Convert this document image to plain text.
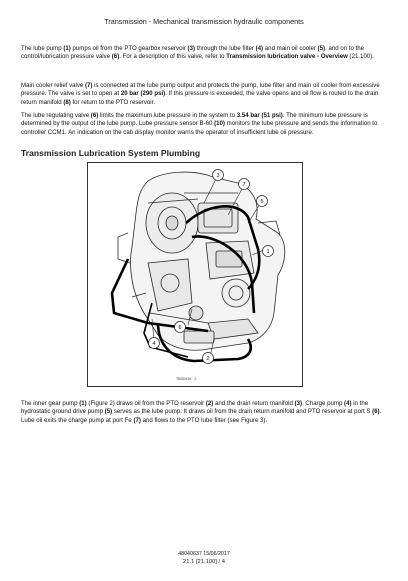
Transmission - Mechanical transmission hydraulic components

The lube pump (1) pumps oil from the PTO gearbox reservoir (3) through the lube filter (4) and main oil cooler (5), and on to the control/lubrication pressure valve (6). For a description of this valve, refer to Transmission lubrication valve - Overview (21.100).

Main cooler relief valve (7) is connected at the lube pump output and protects the pump, lube filter and main oil cooler from excessive pressure. The valve is set to open at 20 bar (290 psi). If this pressure is exceeded, the valve opens and oil flow is routed to the drain return manifold (8) for return to the PTO reservoir.

The lube regulating valve (6) limits the maximum lube pressure in the system to 3.54 bar (51 psi). The minimum lube pressure is determined by the output of the lube pump. Lube pressure sensor B-60 (10) monitors the lube pressure and sends the information to controller CCM1. An indication on the cab display monitor warns the operator of insufficient lube oil pressure.

Transmission Lubrication System Plumbing
3
7
5
1
6
4
2
TBG0418 2

The inner gear pump (1) (Figure 2) draws oil from the PTO reservoir (2) and the drain return manifold (3). Charge pump (4) in the hydrostatic ground drive pump (5) serves as the lube pump. It draws oil from the drain return manifold and PTO reservoir at port S (6). Lube oil exits the charge pump at port Fe (7) and flows to the PTO lube filter (see Figure 3).

48040637 15/06/2017
21.1 [21.100] / 4
